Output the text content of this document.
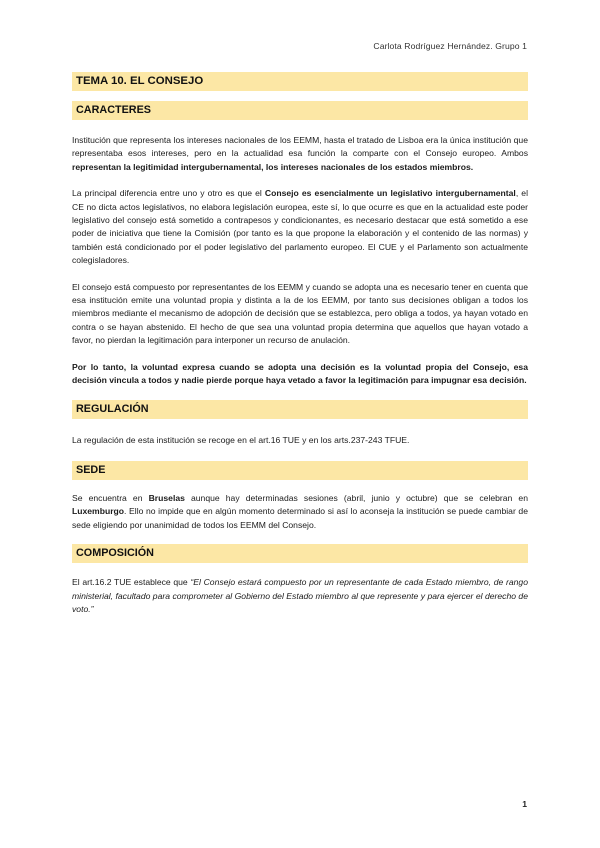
Carlota Rodríguez Hernández. Grupo 1
TEMA 10. EL CONSEJO
CARACTERES

Institución que representa los intereses nacionales de los EEMM, hasta el tratado de Lisboa era la única institución que representaba esos intereses, pero en la actualidad esa función la comparte con el Consejo europeo. Ambos representan la legitimidad intergubernamental, los intereses nacionales de los estados miembros.

La principal diferencia entre uno y otro es que el Consejo es esencialmente un legislativo intergubernamental, el CE no dicta actos legislativos, no elabora legislación europea, este sí, lo que ocurre es que en la actualidad este poder legislativo del consejo está sometido a contrapesos y condicionantes, es necesario destacar que está sometido a ese poder de iniciativa que tiene la Comisión (por tanto es la que propone la elaboración y el contenido de las normas) y también está condicionado por el poder legislativo del parlamento europeo. El CUE y el Parlamento son actualmente colegisladores.

El consejo está compuesto por representantes de los EEMM y cuando se adopta una es necesario tener en cuenta que esa institución emite una voluntad propia y distinta a la de los EEMM, por tanto sus decisiones obligan a todos los miembros mediante el mecanismo de adopción de decisión que se establezca, pero obliga a todos, ya hayan votado en contra o se hayan abstenido. El hecho de que sea una voluntad propia determina que aquellos que hayan votado a favor, no pierdan la legitimación para interponer un recurso de anulación.

Por lo tanto, la voluntad expresa cuando se adopta una decisión es la voluntad propia del Consejo, esa decisión vincula a todos y nadie pierde porque haya vetado a favor la legitimación para impugnar esa decisión.

REGULACIÓN

La regulación de esta institución se recoge en el art.16 TUE y en los arts.237-243 TFUE.

SEDE

Se encuentra en Bruselas aunque hay determinadas sesiones (abril, junio y octubre) que se celebran en Luxemburgo. Ello no impide que en algún momento determinado si así lo aconseja la institución se puede cambiar de sede eligiendo por unanimidad de todos los EEMM del Consejo.

COMPOSICIÓN

El art.16.2 TUE establece que “El Consejo estará compuesto por un representante de cada Estado miembro, de rango ministerial, facultado para comprometer al Gobierno del Estado miembro al que represente y para ejercer el derecho de voto.”

1
